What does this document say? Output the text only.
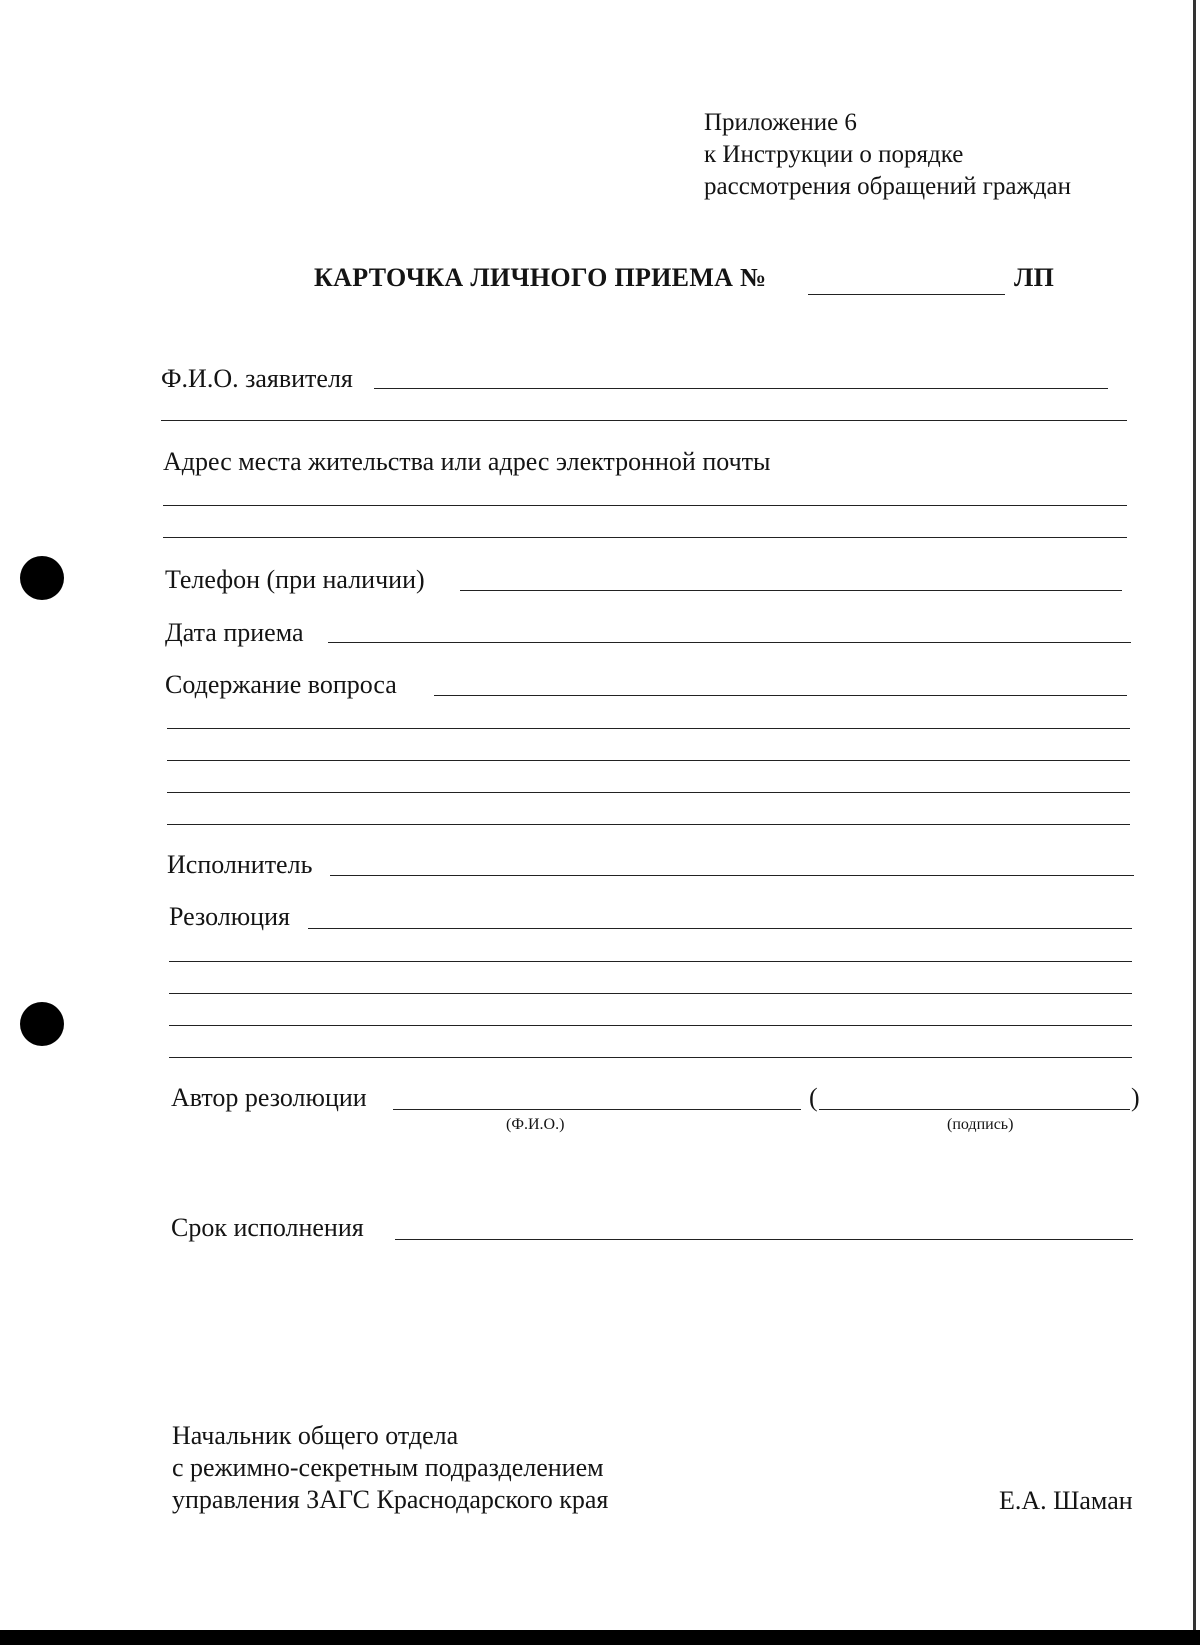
Приложение 6
к Инструкции о порядке
рассмотрения обращений граждан
КАРТОЧКА ЛИЧНОГО ПРИЕМА №	ЛП
Ф.И.О. заявителя
Адрес места жительства или адрес электронной почты
Телефон (при наличии)
Дата приема
Содержание вопроса
Исполнитель
Резолюция
Автор резолюции	(	)
(Ф.И.О.)	(подпись)
Срок исполнения
Начальник общего отдела
с режимно-секретным подразделением
управления ЗАГС Краснодарского края	Е.А. Шаман
